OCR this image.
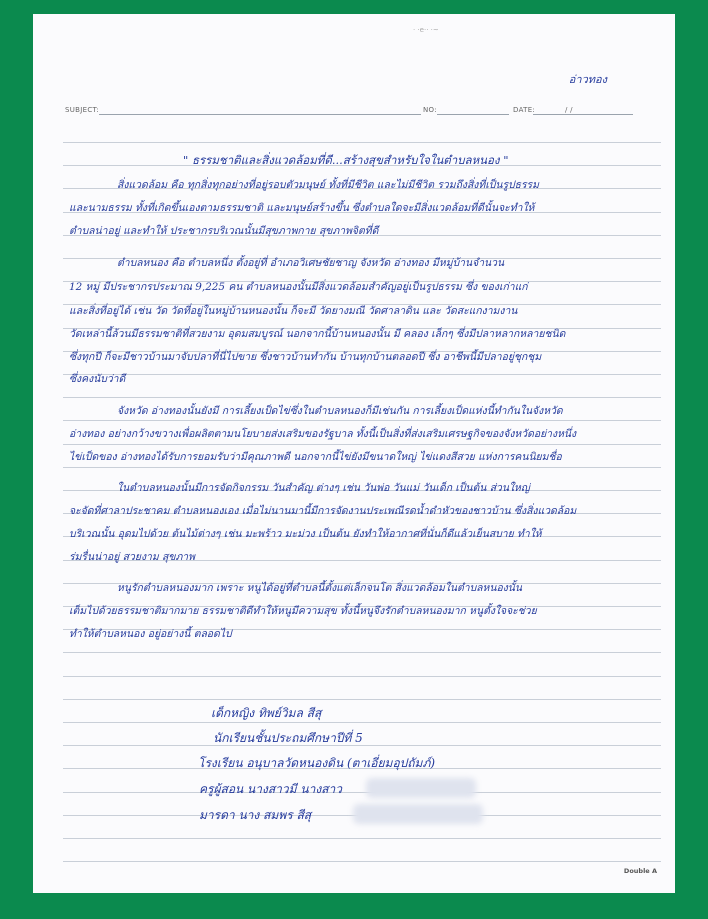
· ·e·· ·~
อ่าวทอง
SUBJECT:	NO:	DATE:	/ /
" ธรรมชาติและสิ่งแวดล้อมที่ดี...สร้างสุขสำหรับใจในตำบลหนอง "
สิ่งแวดล้อม คือ ทุกสิ่งทุกอย่างที่อยู่รอบตัวมนุษย์ ทั้งที่มีชีวิต และไม่มีชีวิต รวมถึงสิ่งที่เป็นรูปธรรม
และนามธรรม ทั้งที่เกิดขึ้นเองตามธรรมชาติ และมนุษย์สร้างขึ้น ซึ่งตำบลใดจะมีสิ่งแวดล้อมที่ดีนั้นจะทำให้
ตำบลน่าอยู่ และทำให้ ประชากรบริเวณนั้นมีสุขภาพกาย สุขภาพจิตที่ดี
ตำบลหนอง คือ ตำบลหนึ่ง ตั้งอยู่ที่ อำเภอวิเศษชัยชาญ จังหวัด อ่างทอง มีหมู่บ้านจำนวน
12 หมู่ มีประชากรประมาณ 9,225 คน ตำบลหนองนั้นมีสิ่งแวดล้อมสำคัญอยู่เป็นรูปธรรม ซึ่ง ของเก่าแก่
และสิ่งที่อยู่ได้ เช่น วัด วัดที่อยู่ในหมู่บ้านหนองนั้น ก็จะมี วัดยางมณี วัดศาลาดิน และ วัดสะแกงามงาน
วัดเหล่านี้ล้วนมีธรรมชาติที่สวยงาม อุดมสมบูรณ์ นอกจากนี้บ้านหนองนั้น มี คลอง เล็กๆ ซึ่งมีปลาหลากหลายชนิด
ซึ่งทุกปี ก็จะมีชาวบ้านมาจับปลาที่นี่ไปขาย ซึ่งชาวบ้านทำกัน บ้านทุกบ้านตลอดปี ซึ่ง อาชีพนี้มีปลาอยู่ชุกชุม
ซึ่งคงนับว่าดี
จังหวัด อ่างทองนั้นยังมี การเลี้ยงเป็ดไข่ซึ่งในตำบลหนองก็มีเช่นกัน การเลี้ยงเป็ดแห่งนี้ทำกันในจังหวัด
อ่างทอง อย่างกว้างขวางเพื่อผลิตตามนโยบายส่งเสริมของรัฐบาล ทั้งนี้เป็นสิ่งที่ส่งเสริมเศรษฐกิจของจังหวัดอย่างหนึ่ง
ไข่เป็ดของ อ่างทองได้รับการยอมรับว่ามีคุณภาพดี นอกจากนี้ไข่ยังมีขนาดใหญ่ ไข่แดงสีสวย แห่งการคนนิยมชื่อ
ในตำบลหนองนั้นมีการจัดกิจกรรม วันสำคัญ ต่างๆ เช่น วันพ่อ วันแม่ วันเด็ก เป็นต้น ส่วนใหญ่
จะจัดที่ศาลาประชาคม ตำบลหนองเอง เมื่อไม่นานมานี้มีการจัดงานประเพณีรดน้ำดำหัวของชาวบ้าน ซึ่งสิ่งแวดล้อม
บริเวณนั้น อุดมไปด้วย ต้นไม้ต่างๆ เช่น มะพร้าว มะม่วง เป็นต้น ยังทำให้อากาศที่นั่นก็ดีแล้วเย็นสบาย ทำให้
ร่มรื่นน่าอยู่ สวยงาม สุขภาพ
หนูรักตำบลหนองมาก เพราะ หนูได้อยู่ที่ตำบลนี้ตั้งแต่เล็กจนโต สิ่งแวดล้อมในตำบลหนองนั้น
เต็มไปด้วยธรรมชาติมากมาย ธรรมชาติดีทำให้หนูมีความสุข ทั้งนี้หนูจึงรักตำบลหนองมาก หนูตั้งใจจะช่วย
ทำให้ตำบลหนอง อยู่อย่างนี้ ตลอดไป
เด็กหญิง ทิพย์วิมล สีสุ
นักเรียนชั้นประถมศึกษาปีที่ 5
โรงเรียน อนุบาลวัดหนองดิน (ตาเอี่ยมอุปถัมภ์)
ครูผู้สอน นางสาวมี นางสาว
มารดา นาง สมพร สีสุ
Double A
